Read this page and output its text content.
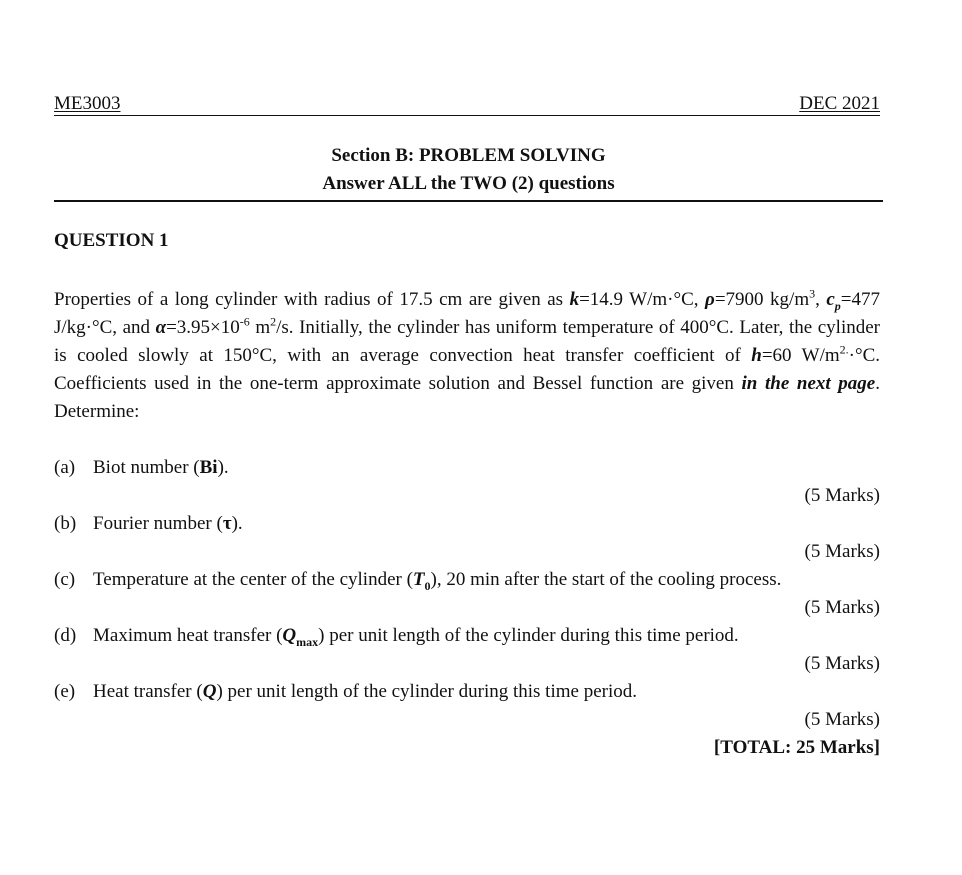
ME3003	DEC 2021
Section B: PROBLEM SOLVING
Answer ALL the TWO (2) questions
QUESTION 1
Properties of a long cylinder with radius of 17.5 cm are given as k=14.9 W/m·°C, ρ=7900 $kg/m^3$, $c_p=477$ J/kg·°C, and $\alpha=3.95\times 10^{-6}$ $m^2/s$. Initially, the cylinder has uniform temperature of 400°C. Later, the cylinder is cooled slowly at 150°C, with an average convection heat transfer coefficient of h=60 $W/m^{2.}\cdot^\circ C$. Coefficients used in the one-term approximate solution and Bessel function are given in the next page. Determine:
(a) Biot number (Bi).
(5 Marks)
(b) Fourier number (τ).
(5 Marks)
(c) Temperature at the center of the cylinder $(T_0)$, 20 min after the start of the cooling process.
(5 Marks)
(d) Maximum heat transfer $(Q_{max})$ per unit length of the cylinder during this time period.
(5 Marks)
(e) Heat transfer (Q) per unit length of the cylinder during this time period.
(5 Marks)
[TOTAL: 25 Marks]
